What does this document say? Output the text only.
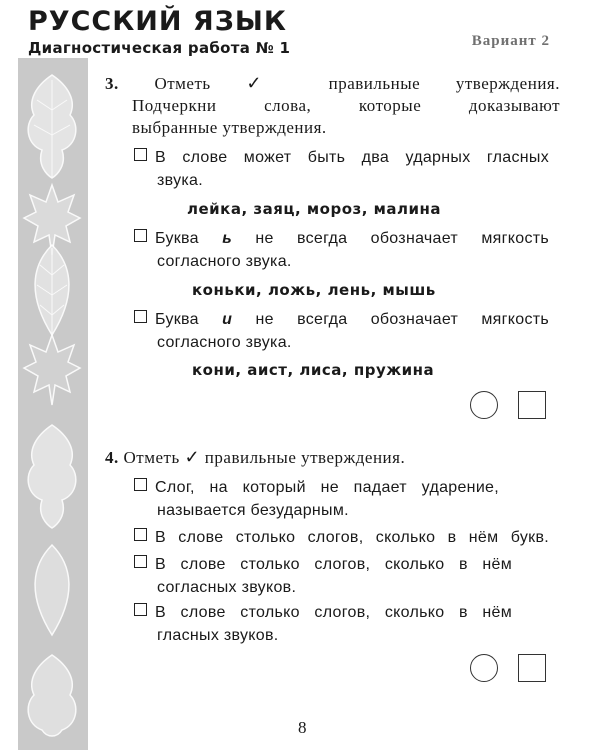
РУССКИЙ ЯЗЫК
Диагностическая работа № 1	Вариант 2
3. Отметь ✓ правильные утверждения.
Подчеркни слова, которые доказывают
выбранные утверждения.
В слове может быть два ударных гласных
звука.
лейка, заяц, мороз, малина
Буква ь не всегда обозначает мягкость
согласного звука.
коньки, ложь, лень, мышь
Буква и не всегда обозначает мягкость
согласного звука.
кони, аист, лиса, пружина
4. Отметь ✓ правильные утверждения.
Слог, на который не падает ударение,
называется безударным.
В слове столько слогов, сколько в нём букв.
В слове столько слогов, сколько в нём
согласных звуков.
В слове столько слогов, сколько в нём
гласных звуков.
8
